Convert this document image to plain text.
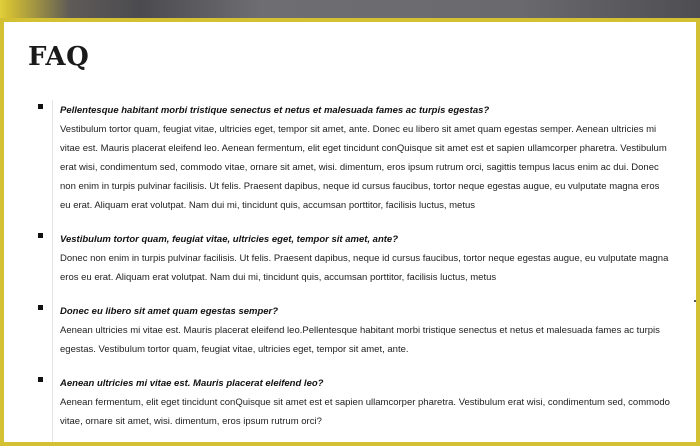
FAQ
Pellentesque habitant morbi tristique senectus et netus et malesuada fames ac turpis egestas?
Vestibulum tortor quam, feugiat vitae, ultricies eget, tempor sit amet, ante. Donec eu libero sit amet quam egestas semper. Aenean ultricies mi vitae est. Mauris placerat eleifend leo. Aenean fermentum, elit eget tincidunt conQuisque sit amet est et sapien ullamcorper pharetra. Vestibulum erat wisi, condimentum sed, commodo vitae, ornare sit amet, wisi. dimentum, eros ipsum rutrum orci, sagittis tempus lacus enim ac dui. Donec non enim in turpis pulvinar facilisis. Ut felis. Praesent dapibus, neque id cursus faucibus, tortor neque egestas augue, eu vulputate magna eros eu erat. Aliquam erat volutpat. Nam dui mi, tincidunt quis, accumsan porttitor, facilisis luctus, metus
Vestibulum tortor quam, feugiat vitae, ultricies eget, tempor sit amet, ante?
Donec non enim in turpis pulvinar facilisis. Ut felis. Praesent dapibus, neque id cursus faucibus, tortor neque egestas augue, eu vulputate magna eros eu erat. Aliquam erat volutpat. Nam dui mi, tincidunt quis, accumsan porttitor, facilisis luctus, metus
Donec eu libero sit amet quam egestas semper?
Aenean ultricies mi vitae est. Mauris placerat eleifend leo.Pellentesque habitant morbi tristique senectus et netus et malesuada fames ac turpis egestas. Vestibulum tortor quam, feugiat vitae, ultricies eget, tempor sit amet, ante.
Aenean ultricies mi vitae est. Mauris placerat eleifend leo?
Aenean fermentum, elit eget tincidunt conQuisque sit amet est et sapien ullamcorper pharetra. Vestibulum erat wisi, condimentum sed, commodo vitae, ornare sit amet, wisi. dimentum, eros ipsum rutrum orci?
